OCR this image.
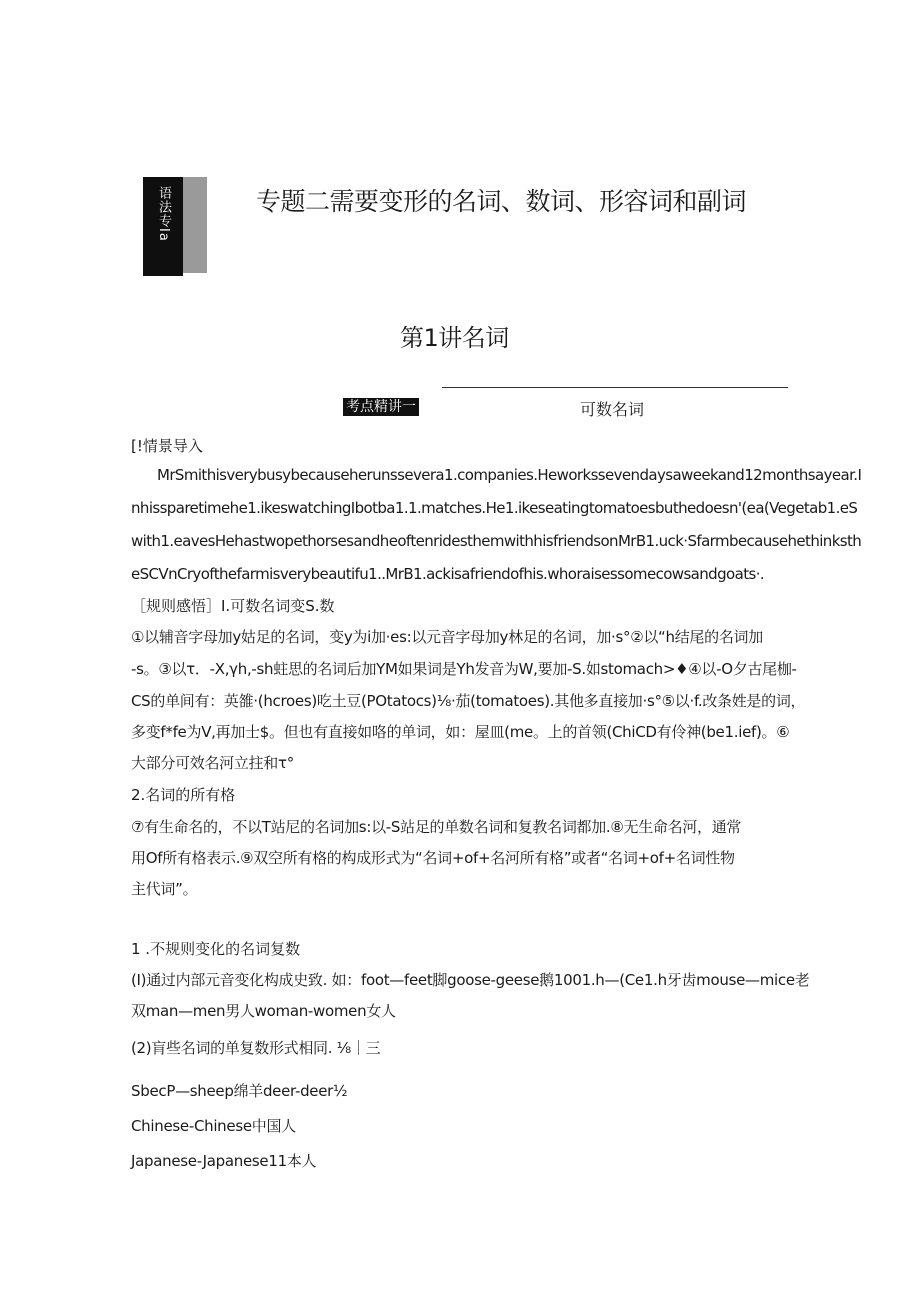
语法专Ia	专题二需要变形的名词、数词、形容词和副词
第1讲名词
考点精讲一	可数名词
[!情景导入
MrSmithisverybusybecauseherunsseverа1.companies.Heworkssevendaysaweekand12monthsayear.I
nhissparetimehe1.ikeswatchingIbotba1.1.matches.He1.ikeseatingtomatoesbuthedoesn'(ea(Vegetab1.eS
with1.eavesHehastwopethorsesandheoftenridesthemwithhisfriendsonMrB1.uck·Sfarmbecausehethinksth
eSCVnCryofthefarmisverybeautifu1..MrB1.ackisafriendofhis.whoraisessomecowsandgoats·.
［规则感悟］I.可数名词变S.数
①以辅音字母加y姑足的名词，变y为i加·es:以元音字母加y林足的名词，加·s°②以“h结尾的名词加
-s。③以τ．-X,γh,-sh蛀思的名词后加YM如果词是Yh发音为W,要加-S.如stomach>♦④以-O夕古尾枷-
CS的单间有：英雒·(hcroes)吃土豆(POtatocs)⅛·茄(tomatoes).其他多直接加·s°⑤以·f.改条姓是的词，
多变f*fe为V,再加士$。但也有直接如咯的单词，如：屋皿(me。上的首领(ChiCD有伶神(be1.ief)。⑥
大部分可效名河立拄和τ°
2.名词的所有格
⑦有生命名的，不以T站尼的名词加s:以-S站足的单数名词和复教名词都加.⑧无生命名河，通常
用Of所有格表示.⑨双空所有格的构成形式为“名词+of+名河所有格”或者“名词+of+名词性物
主代词”。
1 .不规则变化的名词复数
(I)通过内部元音变化构成史致. 如：foot—feet脚goose-geese鹅1001.h—(Ce1.h牙齿mouse—mice老
双man—men男人woman-women女人
(2)肓些名词的单复数形式相同. ⅛｜三
SbecP—sheep绵羊deer-deer½
Chinese-Chinese中国人
Japanese-Japanese11本人
